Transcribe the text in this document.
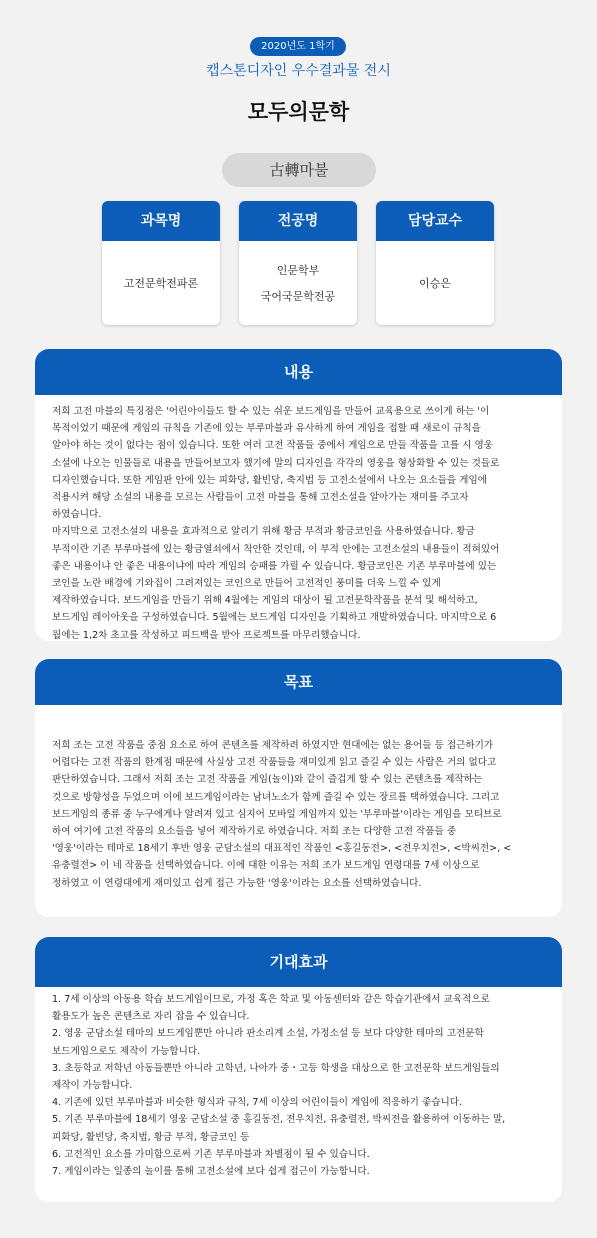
2020년도 1학기
캡스톤디자인 우수결과물 전시
모두의문학
古轉마불
과목명
고전문학전파론
전공명
인문학부
국어국문학전공
담당교수
이승은
내용
저희 고전 마블의 특징점은 '어린아이들도 할 수 있는 쉬운 보드게임을 만들어 교육용으로 쓰이게 하는 '이
목적이었기 때문에 게임의 규칙을 기존에 있는 부루마블과 유사하게 하여 게임을 접할 때 새로이 규칙을
알아야 하는 것이 없다는 점이 있습니다. 또한 여러 고전 작품들 중에서 게임으로 만들 작품을 고를 시 영웅
소설에 나오는 인물들로 내용을 만들어보고자 했기에 말의 디자인을 각각의 영웅을 형상화할 수 있는 것들로
디자인했습니다. 또한 게임판 안에 있는 피화당, 활빈당, 축지법 등 고전소설에서 나오는 요소들을 게임에
적용시켜 해당 소설의 내용을 모르는 사람들이 고전 마블을 통해 고전소설을 알아가는 재미를 주고자
하였습니다.
마지막으로 고전소설의 내용을 효과적으로 알리기 위해 황금 부적과 황금코인을 사용하였습니다. 황금
부적이란 기존 부루마블에 있는 황금열쇠에서 착안한 것인데, 이 부적 안에는 고전소설의 내용들이 적혀있어
좋은 내용이냐 안 좋은 내용이냐에 따라 게임의 승패를 가릴 수 있습니다. 황금코인은 기존 부루마블에 있는
코인을 노란 배경에 기와집이 그려져있는 코인으로 만들어 고전적인 풍미를 더욱 느낄 수 있게
제작하였습니다. 보드게임을 만들기 위해 4월에는 게임의 대상이 될 고전문학작품을 분석 및 해석하고,
보드게임 레이아웃을 구성하였습니다. 5월에는 보드게임 디자인을 기획하고 개발하였습니다. 마지막으로 6
월에는 1,2차 초고를 작성하고 피드백을 받아 프로젝트를 마무리했습니다.
목표
저희 조는 고전 작품을 중점 요소로 하여 콘텐츠를 제작하려 하였지만 현대에는 없는 용어들 등 접근하기가
어렵다는 고전 작품의 한계점 때문에 사실상 고전 작품들을 재미있게 읽고 즐길 수 있는 사람은 거의 없다고
판단하였습니다. 그래서 저희 조는 고전 작품을 게임(놀이)와 같이 즐겁게 할 수 있는 콘텐츠를 제작하는
것으로 방향성을 두었으며 이에 보드게임이라는 남녀노소가 함께 즐길 수 있는 장르를 택하였습니다. 그리고
보드게임의 종류 중 누구에게나 알려져 있고 심지어 모바일 게임까지 있는 '부루마블'이라는 게임을 모티브로
하여 여기에 고전 작품의 요소들을 넣어 제작하기로 하였습니다. 저희 조는 다양한 고전 작품들 중
'영웅'이라는 테마로 18세기 후반 영웅 군담소설의 대표적인 작품인 <홍길동전>, <전우치전>, <박씨전>, <
유충렬전> 이 네 작품을 선택하였습니다. 이에 대한 이유는 저희 조가 보드게임 연령대를 7세 이상으로
정하였고 이 연령대에게 재미있고 쉽게 접근 가능한 '영웅'이라는 요소를 선택하였습니다.
기대효과
1. 7세 이상의 아동용 학습 보드게임이므로, 가정 혹은 학교 및 아동센터와 같은 학습기관에서 교육적으로
활용도가 높은 콘텐츠로 자리 잡을 수 있습니다.
2. 영웅 군담소설 테마의 보드게임뿐만 아니라 판소리계 소설, 가정소설 등 보다 다양한 테마의 고전문학
보드게임으로도 제작이 가능합니다.
3. 초등학교 저학년 아동들뿐만 아니라 고학년, 나아가 중・고등 학생을 대상으로 한 고전문학 보드게임들의
제작이 가능합니다.
4. 기존에 있던 부루마블과 비슷한 형식과 규칙, 7세 이상의 어린이들이 게임에 적응하기 좋습니다.
5. 기존 부루마블에 18세기 영웅 군담소설 중 홍길동전, 전우치전, 유충렬전, 박씨전을 활용하여 이동하는 말,
피화당, 활빈당, 축지법, 황금 부적, 황금코인 등
6. 고전적인 요소를 가미함으로써 기존 부루마블과 차별점이 될 수 있습니다.
7. 게임이라는 일종의 놀이를 통해 고전소설에 보다 쉽게 접근이 가능합니다.
